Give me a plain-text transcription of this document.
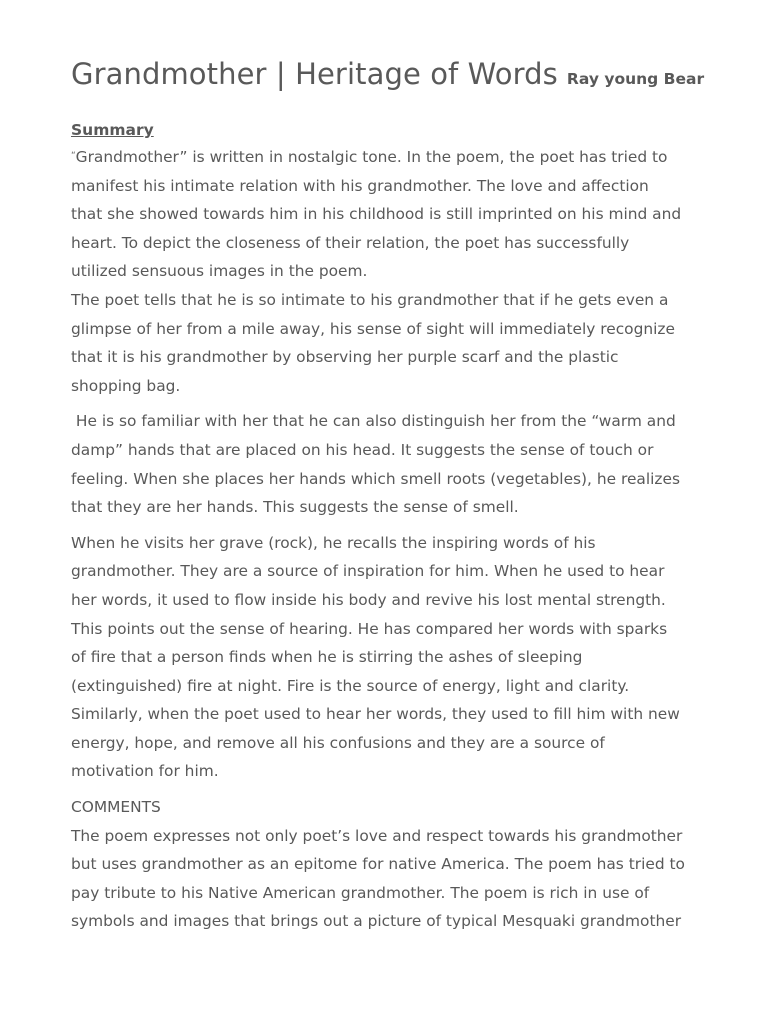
Grandmother | Heritage of Words Ray young Bear
Summary
“Grandmother” is written in nostalgic tone. In the poem, the poet has tried to
manifest his intimate relation with his grandmother. The love and affection
that she showed towards him in his childhood is still imprinted on his mind and
heart. To depict the closeness of their relation, the poet has successfully
utilized sensuous images in the poem.
The poet tells that he is so intimate to his grandmother that if he gets even a
glimpse of her from a mile away, his sense of sight will immediately recognize
that it is his grandmother by observing her purple scarf and the plastic
shopping bag.
He is so familiar with her that he can also distinguish her from the “warm and
damp” hands that are placed on his head. It suggests the sense of touch or
feeling. When she places her hands which smell roots (vegetables), he realizes
that they are her hands. This suggests the sense of smell.
When he visits her grave (rock), he recalls the inspiring words of his
grandmother. They are a source of inspiration for him. When he used to hear
her words, it used to flow inside his body and revive his lost mental strength.
This points out the sense of hearing. He has compared her words with sparks
of fire that a person finds when he is stirring the ashes of sleeping
(extinguished) fire at night. Fire is the source of energy, light and clarity.
Similarly, when the poet used to hear her words, they used to fill him with new
energy, hope, and remove all his confusions and they are a source of
motivation for him.
COMMENTS
The poem expresses not only poet’s love and respect towards his grandmother
but uses grandmother as an epitome for native America. The poem has tried to
pay tribute to his Native American grandmother. The poem is rich in use of
symbols and images that brings out a picture of typical Mesquaki grandmother
